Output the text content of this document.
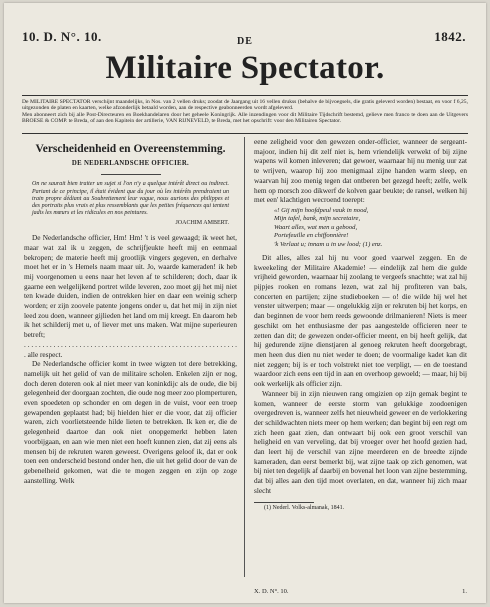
10. D. N°. 10.	1842.
DE
Militaire Spectator.

De MILITAIRE SPECTATOR verschijnt maandelijks, in Nos. van 2 vellen druks; zoodat de Jaargang uit 16 vellen drukss (behalve de bijvoegsels, die gratis geleverd worden) bestaat, en voor f 6,25, uitgezonden de platen en kaarten, welke afzonderlijk betaald worden, aan de respective geabonneerden wordt afgeleverd.

Men abonneert zich bij alle Post-Directeuren en Boekhandelaren door het geheele Koningrijk. Alle inzendingen voor dit Militaire Tijdschrift bestemd, gelieve men franco te doen aan de Uitgevers BROESE & COMP. te Breda, of aan den Kapitein der artillerie, VAN RIJNEVELD, te Breda, met het opschrift: voor den Militairen Spectator.

Verscheidenheid en Overeenstemming.
DE NEDERLANDSCHE OFFICIER.

On ne saurait bien traiter un sujet si l'on n'y a quelque intérêt direct ou indirect. Partant de ce principe, il était évident que du jour où les intérêts prendraient un train propre dédiant au Soubrettement leur vague, nous aurions des philippes et des portraits plus vrais et plus ressemblants que les petites fréquences qui tentent jadis les mœurs et les ridicules en nos peintures.

JOACHIM AMBERT.

De Nederlandsche officier, Hm! Hm! 't is veel gewaagd; ik weet het, maar wat zal ik u zeggen, de schrijfjeukte heeft mij en eenmaal bekropen; de materie heeft mij grootlijk vingers gegeven, en derhalve moet het er in 's Hemels naam maar uit. Jo, waarde kameraden! ik heb mij voorgenomen u eens naar het leven af te schilderen; doch, daar ik gaarne een welgelijkend portret wilde leveren, zoo moet gij het mij niet ten kwade duiden, indien de ontrekken hier en daar een weinig scherp worden; er zijn zoovele patente jongens onder u, dat het mij in zijn niet leed zou doen, wanneer gijlieden het land om mij kreegt. En daarom heb ik het schilderij met u, of liever met uns maken. Wat mijne superieuren betreft;

. . . . . . . . . . . . . . . . . . . . . . . . . . . . . . . . . . . . . . . . . . . . . . . . . . . . . . . . . . . alle respect.

De Nederlandsche officier komt in twee wigzen tot dere betrekking, namelijk uit het gelid of van de militaire scholen. Enkelen zijn er nog, doch deren doteren ook al niet meer van koninkdijc als de oude, die bij gelegenheid der doorgaan zochten, die oude nog meer zoo plomperturen, even spoedeten op schonder en om degen in de vuist, voor een troep gewapenden geplaatst had; bij hielden hier er die voor, dat zij officier waren, zich voorlietsteende hilde lieten te betrekken. Ik ken er, die de gelegenheid daartoe dan ook niet onopgemerkt hebben laten voorbijgaan, en aan wie men niet een hoeft kunnen zien, dat zij eens als mensen bij de rekruten waren geweest. Overigens geloof ik, dat er ook toen een onderscheid bestond onder hen, die uit het gelid door de van de gebenelheid gekomen, wat die te mogen zeggen en zijn op zoge aanstelling. Welk

eene zeligheid voor den gewezen onder-officier, wanneer de sergeant-majoor, indien hij dit zelf niet is, hem vriendelijk verwekt of bij zijne wapens wil komen inleveren; dat gewoer, waarnaar hij nu menig uur zat te wrijven, waarop hij zoo menigmaal zijne handen warm sleep, en waarvan hij zoo menig tegen dat ontberen bet gezegd heeft; zelfe, welk hem op morsch zoo dikwerf de kolven gaar beukte; de ransel, welken hij met een' klachtigen wecroend toerept:

«! Gij mijn hoofdpeul vauk in nood,
Mijn tafel, bank, mijn secretaire,
Waart alles, wat men u gebood,
Portefeuille en chiffonnière!
'k Verlaat u; innam u in uw lood; (1) enz.

Dit alles, alles zal hij nu voor goed vaarwel zeggen. En de kweekeling der Militaire Akademie! — eindelijk zal hem die gulde vrijheid geworden, waarnaar hij zoolang te vergeefs snachtte; wat zal hij pijpjes rooken en romans lezen, wat zal hij profiteren van bals, concerten en partijen; zijne studieboeken — o! die wilde hij wel het venster uitwerpen; maar — ongelukkig zijn er rekruten bij het korps, en dan beginnen de voor hem reeds gewoonde drilmanieren! Niets is meer geschikt om het enthusiasme der pas aangestelde officieren neer te zetten dan dit; de gewezen onder-officier meent, en bij heeft gelijk, dat hij gedurende zijne dienstjaren al genoeg rekruten heeft doorgebragt, men heen dus dien nu niet weder te doen; de voormalige kadet kan dit niet zeggen; bij is er toch volstrekt niet toe verpligt, — en de toestand waardoor zich eens een tijd in aan en overhoop gewoeld; — maar, hij bij ook werkelijk als officier zijn.

Wanneer bij in zijn nieuwen rang omgizien op zijn gemak begint te komen, wanneer de eerste storm van gelukkige zoodoenigen overgedreven is, wanneer zelfs het nieuwheid geweer en de verlokkering der schildwachten niets meer op hem werken; dan begint bij een regt om zich heen gaat zien, dan ontwaart bij ook een groot verschil van heligheid en van verveling, dat bij vroeger over het hoofd gezien had, dan leert hij de verschil van zijne meerderen en de breedte zijnde kameraden, dan eerst bemerkt bij, wat zijne taak op zich genomen, wat bij niet ten degelijk af daarbij en bovenal het loon van zijne bestemming, dat bij alles aan den tijd moet overlaten, en dat, wanneer hij zich maar slecht

(1) Nederl. Volks-almanak, 1841.

X. D. N°. 10.	1.
